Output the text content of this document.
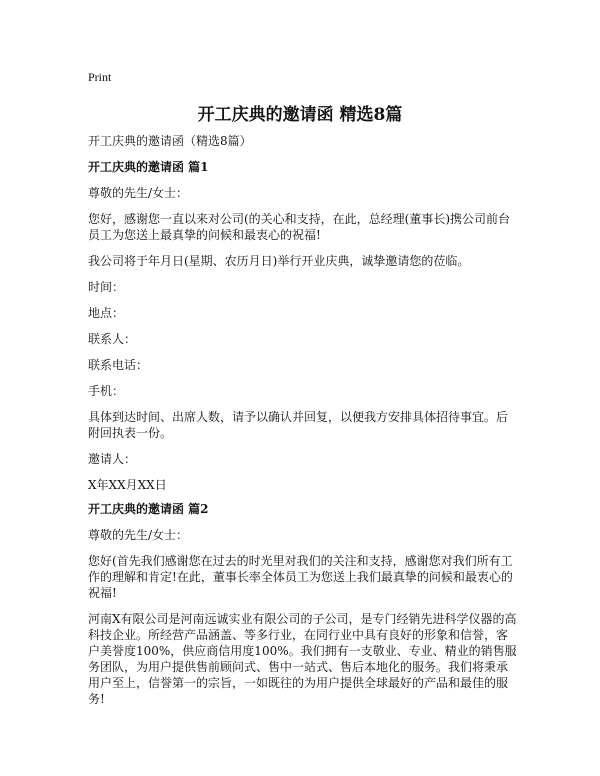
Print
开工庆典的邀请函 精选8篇

开工庆典的邀请函（精选8篇）

开工庆典的邀请函 篇1

尊敬的先生/女士：

您好，感谢您一直以来对公司(的关心和支持，在此，总经理(董事长)携公司前台员工为您送上最真挚的问候和最衷心的祝福!

我公司将于年月日(星期、农历月日)举行开业庆典，诚挚邀请您的莅临。

时间：

地点：

联系人：

联系电话：

手机：

具体到达时间、出席人数，请予以确认并回复，以便我方安排具体招待事宜。后附回执表一份。

邀请人：

X年XX月XX日

开工庆典的邀请函 篇2

尊敬的先生/女士：

您好(首先我们感谢您在过去的时光里对我们的关注和支持，感谢您对我们所有工作的理解和肯定!在此，董事长率全体员工为您送上我们最真挚的问候和最衷心的祝福!

河南X有限公司是河南远诚实业有限公司的子公司，是专门经销先进科学仪器的高科技企业。所经营产品涵盖、等多行业，在同行业中具有良好的形象和信誉，客户美誉度100%，供应商信用度100%。我们拥有一支敬业、专业、精业的销售服务团队，为用户提供售前顾问式、售中一站式、售后本地化的服务。我们将秉承用户至上，信誉第一的宗旨，一如既往的为用户提供全球最好的产品和最佳的服务!
